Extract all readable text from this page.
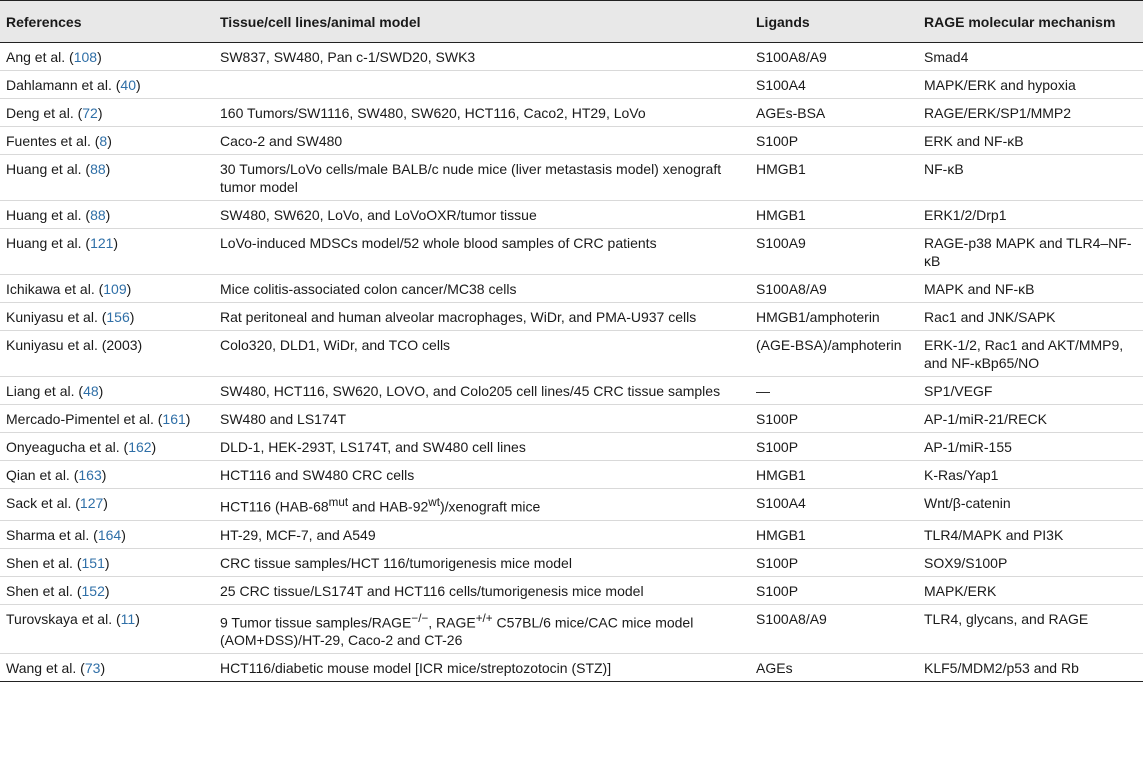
References	Tissue/cell lines/animal model	Ligands	RAGE molecular mechanism
Ang et al. (108)	SW837, SW480, Pan c-1/SWD20, SWK3	S100A8/A9	Smad4
Dahlamann et al. (40)		S100A4	MAPK/ERK and hypoxia
Deng et al. (72)	160 Tumors/SW1116, SW480, SW620, HCT116, Caco2, HT29, LoVo	AGEs-BSA	RAGE/ERK/SP1/MMP2
Fuentes et al. (8)	Caco-2 and SW480	S100P	ERK and NF-κB
Huang et al. (88)	30 Tumors/LoVo cells/male BALB/c nude mice (liver metastasis model) xenograft tumor model	HMGB1	NF-κB
Huang et al. (88)	SW480, SW620, LoVo, and LoVoOXR/tumor tissue	HMGB1	ERK1/2/Drp1
Huang et al. (121)	LoVo-induced MDSCs model/52 whole blood samples of CRC patients	S100A9	RAGE-p38 MAPK and TLR4–NF-κB
Ichikawa et al. (109)	Mice colitis-associated colon cancer/MC38 cells	S100A8/A9	MAPK and NF-κB
Kuniyasu et al. (156)	Rat peritoneal and human alveolar macrophages, WiDr, and PMA-U937 cells	HMGB1/amphoterin	Rac1 and JNK/SAPK
Kuniyasu et al. (2003)	Colo320, DLD1, WiDr, and TCO cells	(AGE-BSA)/amphoterin	ERK-1/2, Rac1 and AKT/MMP9, and NF-κBp65/NO
Liang et al. (48)	SW480, HCT116, SW620, LOVO, and Colo205 cell lines/45 CRC tissue samples	—	SP1/VEGF
Mercado-Pimentel et al. (161)	SW480 and LS174T	S100P	AP-1/miR-21/RECK
Onyeagucha et al. (162)	DLD-1, HEK-293T, LS174T, and SW480 cell lines	S100P	AP-1/miR-155
Qian et al. (163)	HCT116 and SW480 CRC cells	HMGB1	K-Ras/Yap1
Sack et al. (127)	HCT116 ($HAB-68^{mut}$ and HAB-$92^{wt}$)/xenograft mice	S100A4	Wnt/β-catenin
Sharma et al. (164)	HT-29, MCF-7, and A549	HMGB1	TLR4/MAPK and PI3K
Shen et al. (151)	CRC tissue samples/HCT 116/tumorigenesis mice model	S100P	SOX9/S100P
Shen et al. (152)	25 CRC tissue/LS174T and HCT116 cells/tumorigenesis mice model	S100P	MAPK/ERK
Turovskaya et al. (11)	9 Tumor tissue samples/RAGE−/−, RAGE+/+ C57BL/6 mice/CAC mice model (AOM+DSS)/HT-29, Caco-2 and CT-26	S100A8/A9	TLR4, glycans, and RAGE
Wang et al. (73)	HCT116/diabetic mouse model [ICR mice/streptozotocin (STZ)]	AGEs	KLF5/MDM2/p53 and Rb
